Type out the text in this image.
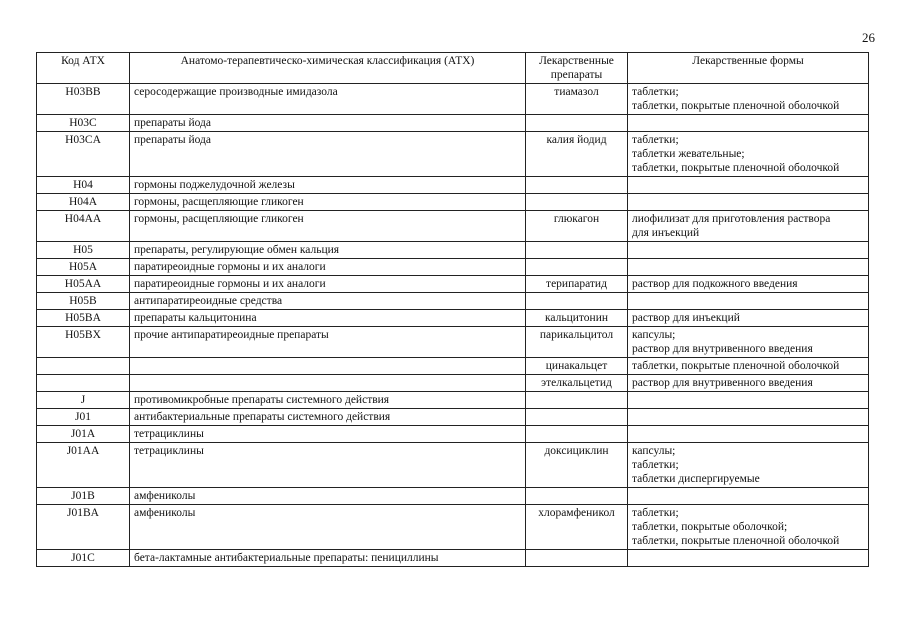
26
Код АТХ	Анатомо-терапевтическо-химическая классификация (АТХ)	Лекарственные препараты	Лекарственные формы
H03BB	серосодержащие производные имидазола	тиамазол	таблетки;
таблетки, покрытые пленочной оболочкой

H03C	препараты йода		
H03CA	препараты йода	калия йодид	таблетки;
таблетки жевательные;
таблетки, покрытые пленочной оболочкой

H04	гормоны поджелудочной железы		
H04A	гормоны, расщепляющие гликоген		
H04AA	гормоны, расщепляющие гликоген	глюкагон	лиофилизат для приготовления раствора
для инъекций

H05	препараты, регулирующие обмен кальция		
H05A	паратиреоидные гормоны и их аналоги		
H05AA	паратиреоидные гормоны и их аналоги	терипаратид	раствор для подкожного введения

H05B	антипаратиреоидные средства		
H05BA	препараты кальцитонина	кальцитонин	раствор для инъекций

H05BX	прочие антипаратиреоидные препараты	парикальцитол	капсулы;
раствор для внутривенного введения

		цинакальцет	таблетки, покрытые пленочной оболочкой

		этелкальцетид	раствор для внутривенного введения

J	противомикробные препараты системного действия		
J01	антибактериальные препараты системного действия		
J01A	тетрациклины		
J01AA	тетрациклины	доксициклин	капсулы;
таблетки;
таблетки диспергируемые

J01B	амфениколы		
J01BA	амфениколы	хлорамфеникол	таблетки;
таблетки, покрытые оболочкой;
таблетки, покрытые пленочной оболочкой

J01C	бета-лактамные антибактериальные препараты: пенициллины		
